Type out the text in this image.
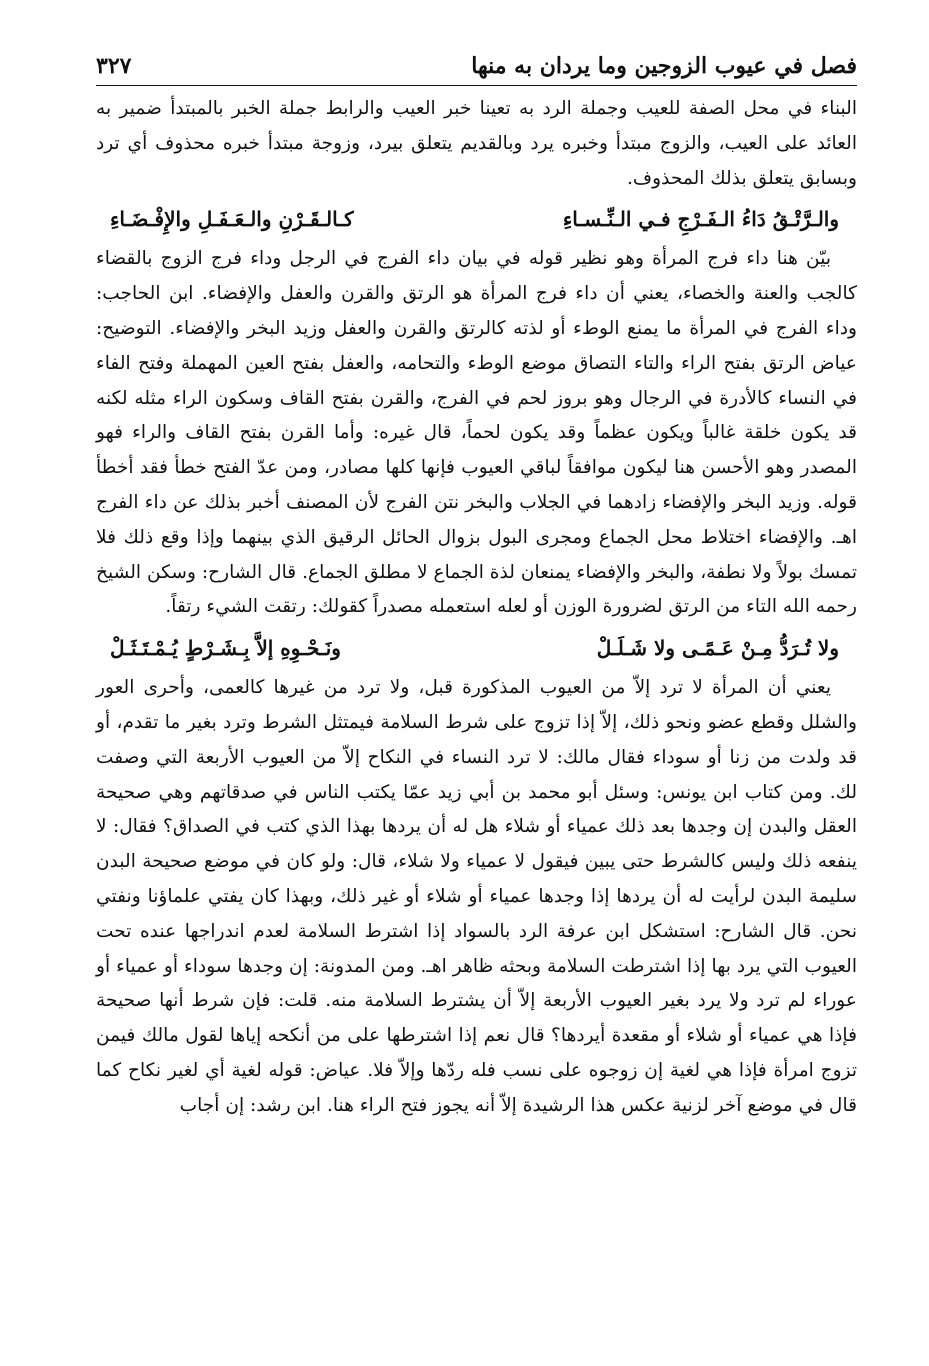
فصل في عيوب الزوجين وما يردان به منها
٣٢٧

البناء في محل الصفة للعيب وجملة الرد به تعينا خبر العيب والرابط جملة الخبر بالمبتدأ ضمير به العائد على العيب، والزوج مبتدأ وخبره يرد وبالقديم يتعلق بيرد، وزوجة مبتدأ خبره محذوف أي ترد وبسابق يتعلق بذلك المحذوف.

والـرَّتْـقُ دَاءُ الـفَـرْجِ فـي الـنِّـسـاءِ
كـالـقَـرْنِ والـعَـفَـلِ والإِفْـضَـاءِ

بيّن هنا داء فرج المرأة وهو نظير قوله في بيان داء الفرج في الرجل وداء فرج الزوج بالقضاء كالجب والعنة والخصاء، يعني أن داء فرج المرأة هو الرتق والقرن والعفل والإفضاء. ابن الحاجب: وداء الفرج في المرأة ما يمنع الوطء أو لذته كالرتق والقرن والعفل وزيد البخر والإفضاء. التوضيح: عياض الرتق بفتح الراء والتاء التصاق موضع الوطء والتحامه، والعفل بفتح العين المهملة وفتح الفاء في النساء كالأدرة في الرجال وهو بروز لحم في الفرج، والقرن بفتح القاف وسكون الراء مثله لكنه قد يكون خلقة غالباً ويكون عظماً وقد يكون لحماً، قال غيره: وأما القرن بفتح القاف والراء فهو المصدر وهو الأحسن هنا ليكون موافقاً لباقي العيوب فإنها كلها مصادر، ومن عدّ الفتح خطأ فقد أخطأ قوله. وزيد البخر والإفضاء زادهما في الجلاب والبخر نتن الفرج لأن المصنف أخبر بذلك عن داء الفرج اهـ. والإفضاء اختلاط محل الجماع ومجرى البول بزوال الحائل الرقيق الذي بينهما وإذا وقع ذلك فلا تمسك بولاً ولا نطفة، والبخر والإفضاء يمنعان لذة الجماع لا مطلق الجماع. قال الشارح: وسكن الشيخ رحمه الله التاء من الرتق لضرورة الوزن أو لعله استعمله مصدراً كقولك: رتقت الشيء رتقاً.

ولا تُـرَدُّ مِـنْ عَـمًـى ولا شَـلَـلْ
ونَـحْـوِهِ إلاَّ بِـشَـرْطٍ يُـمْـتَـثَـلْ

يعني أن المرأة لا ترد إلاّ من العيوب المذكورة قبل، ولا ترد من غيرها كالعمى، وأحرى العور والشلل وقطع عضو ونحو ذلك، إلاّ إذا تزوج على شرط السلامة فيمتثل الشرط وترد بغير ما تقدم، أو قد ولدت من زنا أو سوداء فقال مالك: لا ترد النساء في النكاح إلاّ من العيوب الأربعة التي وصفت لك. ومن كتاب ابن يونس: وسئل أبو محمد بن أبي زيد عمّا يكتب الناس في صدقاتهم وهي صحيحة العقل والبدن إن وجدها بعد ذلك عمياء أو شلاء هل له أن يردها بهذا الذي كتب في الصداق؟ فقال: لا ينفعه ذلك وليس كالشرط حتى يبين فيقول لا عمياء ولا شلاء، قال: ولو كان في موضع صحيحة البدن سليمة البدن لرأيت له أن يردها إذا وجدها عمياء أو شلاء أو غير ذلك، وبهذا كان يفتي علماؤنا ونفتي نحن. قال الشارح: استشكل ابن عرفة الرد بالسواد إذا اشترط السلامة لعدم اندراجها عنده تحت العيوب التي يرد بها إذا اشترطت السلامة وبحثه ظاهر اهـ. ومن المدونة: إن وجدها سوداء أو عمياء أو عوراء لم ترد ولا يرد بغير العيوب الأربعة إلاّ أن يشترط السلامة منه. قلت: فإن شرط أنها صحيحة فإذا هي عمياء أو شلاء أو مقعدة أيردها؟ قال نعم إذا اشترطها على من أنكحه إياها لقول مالك فيمن تزوج امرأة فإذا هي لغية إن زوجوه على نسب فله ردّها وإلاّ فلا. عياض: قوله لغية أي لغير نكاح كما قال في موضع آخر لزنية عكس هذا الرشيدة إلاّ أنه يجوز فتح الراء هنا. ابن رشد: إن أجاب
